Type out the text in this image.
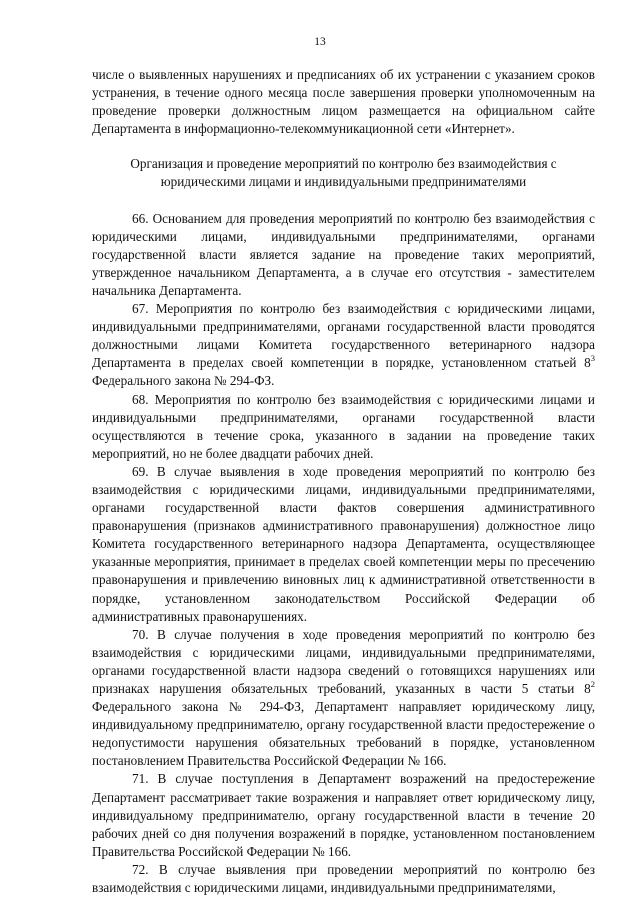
13

числе о выявленных нарушениях и предписаниях об их устранении с указанием сроков устранения, в течение одного месяца после завершения проверки уполномоченным на проведение проверки должностным лицом размещается на официальном сайте Департамента в информационно-телекоммуникационной сети «Интернет».

Организация и проведение мероприятий по контролю без взаимодействия с юридическими лицами и индивидуальными предпринимателями

66. Основанием для проведения мероприятий по контролю без взаимодействия с юридическими лицами, индивидуальными предпринимателями, органами государственной власти является задание на проведение таких мероприятий, утвержденное начальником Департамента, а в случае его отсутствия - заместителем начальника Департамента.

67. Мероприятия по контролю без взаимодействия с юридическими лицами, индивидуальными предпринимателями, органами государственной власти проводятся должностными лицами Комитета государственного ветеринарного надзора Департамента в пределах своей компетенции в порядке, установленном статьей $8^3$ Федерального закона № 294-ФЗ.

68. Мероприятия по контролю без взаимодействия с юридическими лицами и индивидуальными предпринимателями, органами государственной власти осуществляются в течение срока, указанного в задании на проведение таких мероприятий, но не более двадцати рабочих дней.

69. В случае выявления в ходе проведения мероприятий по контролю без взаимодействия с юридическими лицами, индивидуальными предпринимателями, органами государственной власти фактов совершения административного правонарушения (признаков административного правонарушения) должностное лицо Комитета государственного ветеринарного надзора Департамента, осуществляющее указанные мероприятия, принимает в пределах своей компетенции меры по пресечению правонарушения и привлечению виновных лиц к административной ответственности в порядке, установленном законодательством Российской Федерации об административных правонарушениях.

70. В случае получения в ходе проведения мероприятий по контролю без взаимодействия с юридическими лицами, индивидуальными предпринимателями, органами государственной власти надзора сведений о готовящихся нарушениях или признаках нарушения обязательных требований, указанных в части 5 статьи $8^2$ Федерального закона № 294-ФЗ, Департамент направляет юридическому лицу, индивидуальному предпринимателю, органу государственной власти предостережение о недопустимости нарушения обязательных требований в порядке, установленном постановлением Правительства Российской Федерации № 166.

71. В случае поступления в Департамент возражений на предостережение Департамент рассматривает такие возражения и направляет ответ юридическому лицу, индивидуальному предпринимателю, органу государственной власти в течение 20 рабочих дней со дня получения возражений в порядке, установленном постановлением Правительства Российской Федерации № 166.

72. В случае выявления при проведении мероприятий по контролю без взаимодействия с юридическими лицами, индивидуальными предпринимателями,
